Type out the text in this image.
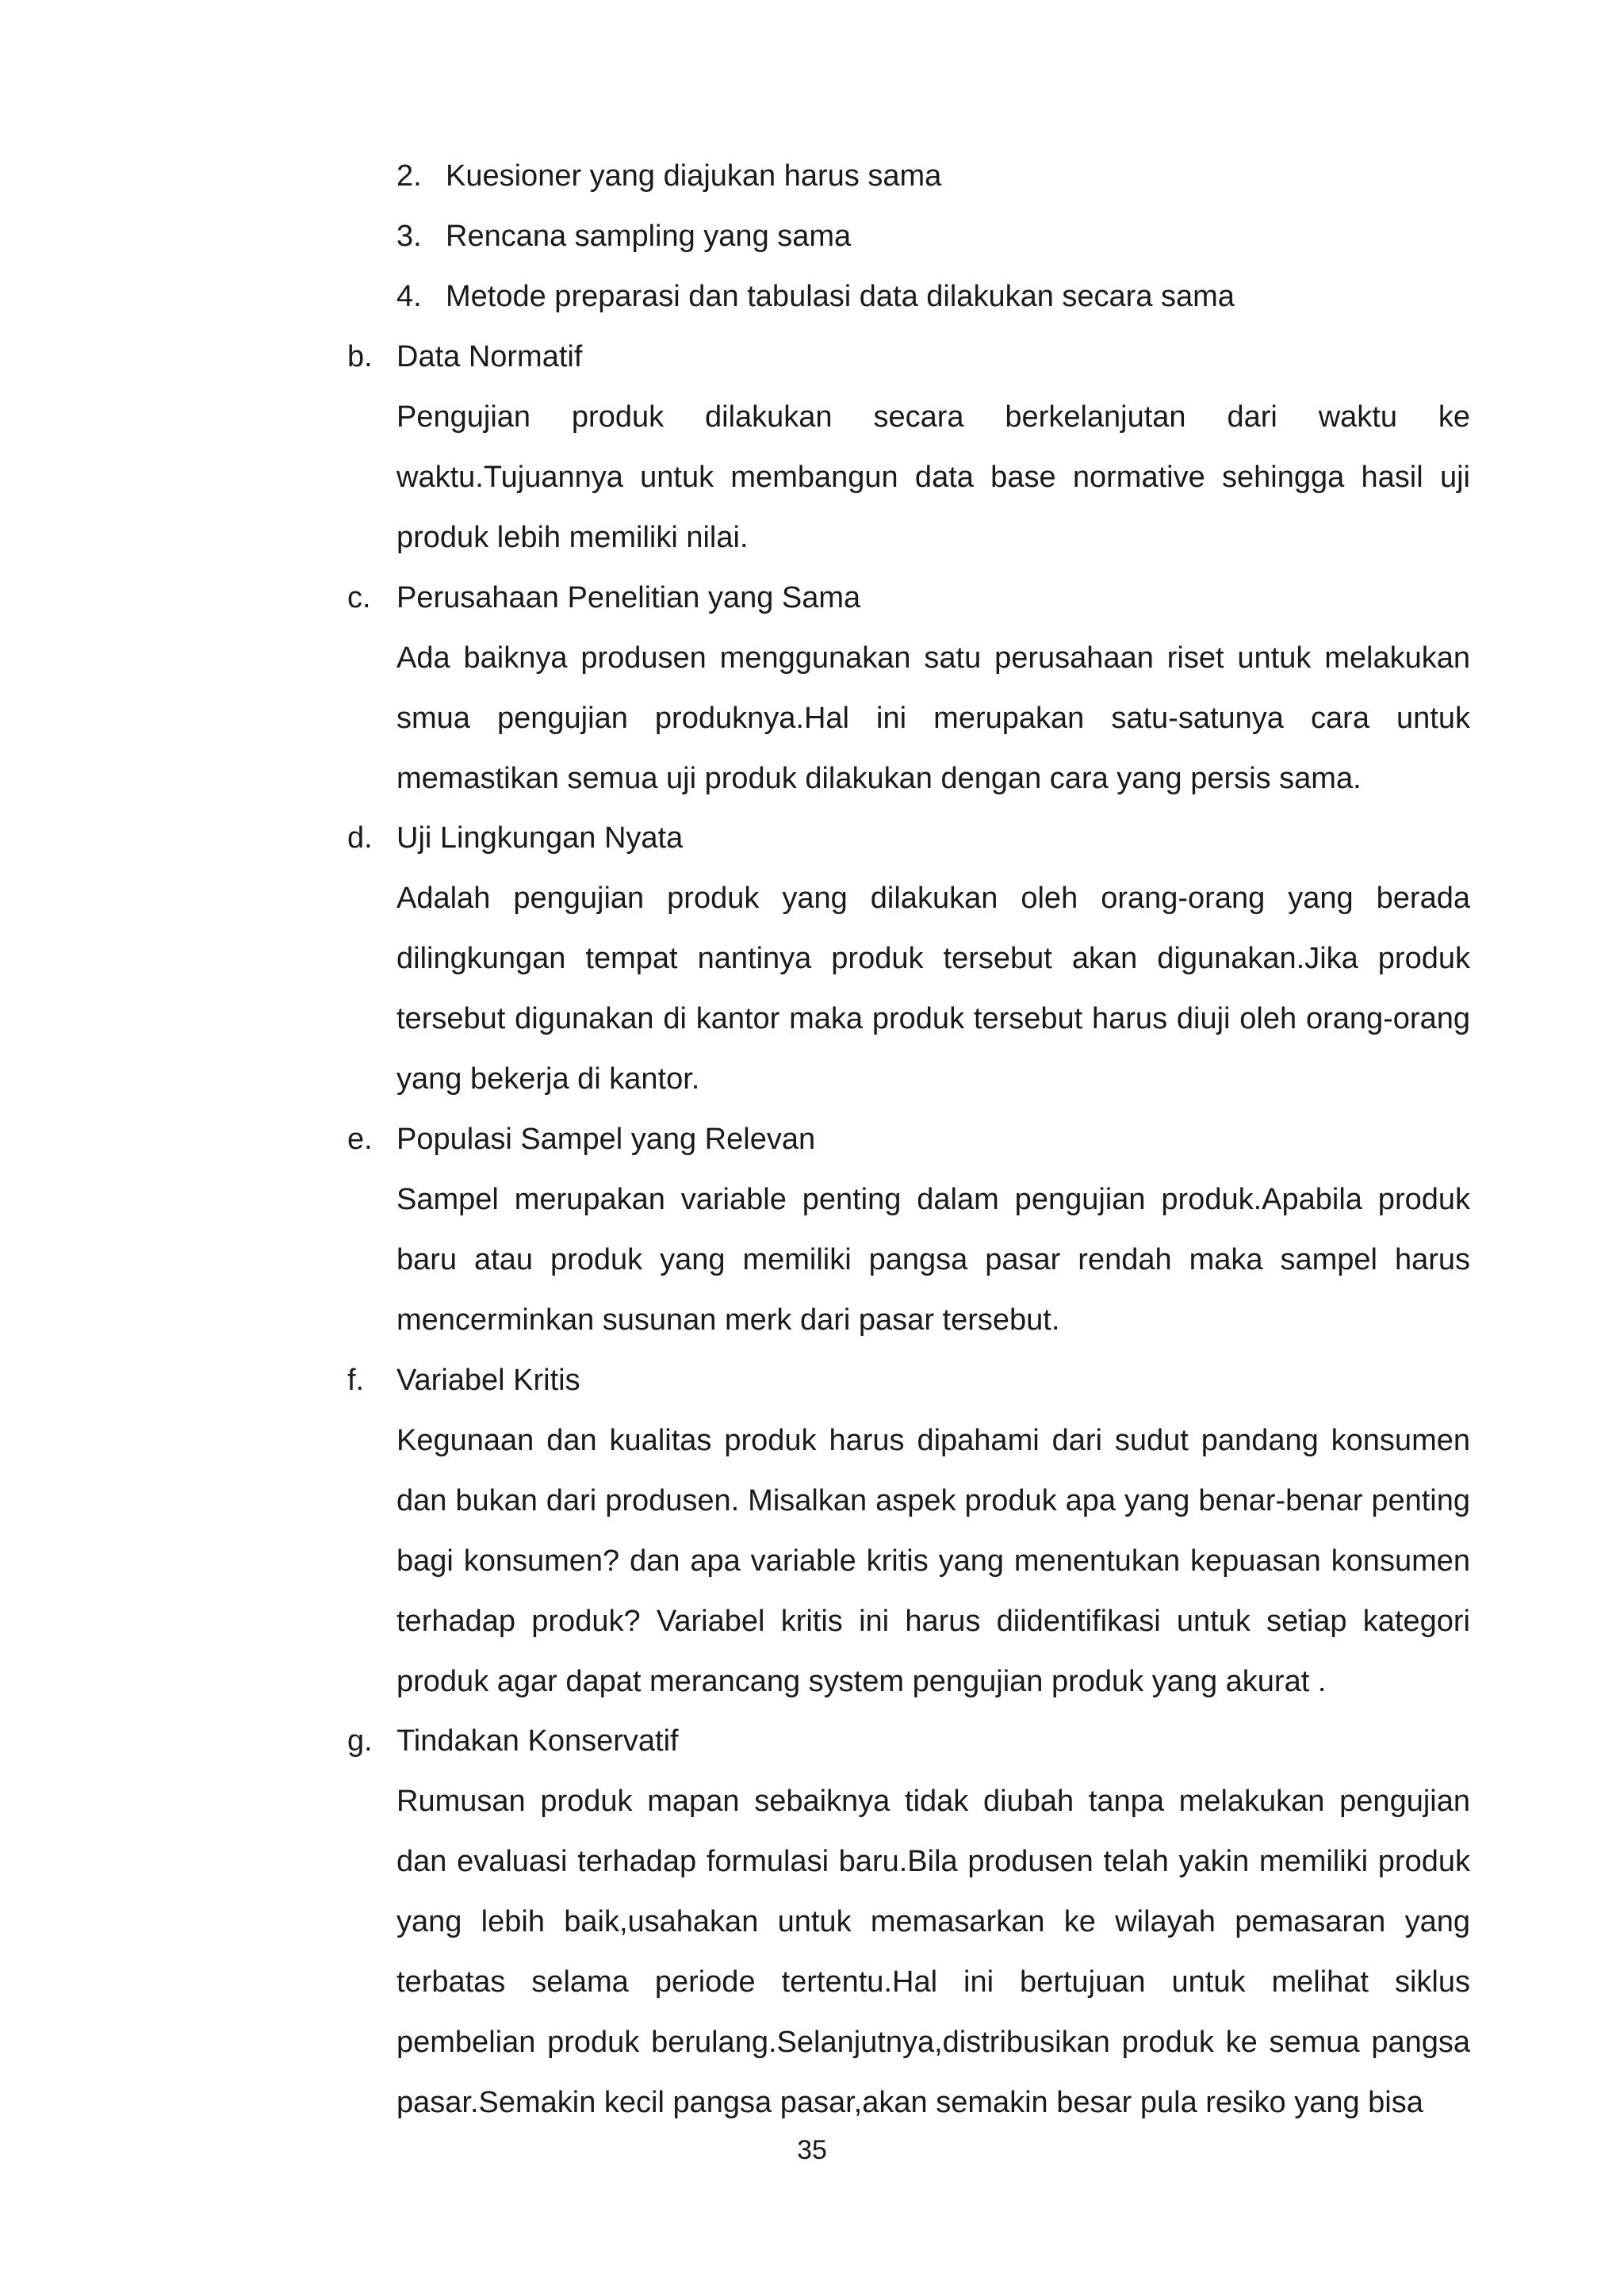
2. Kuesioner yang diajukan harus sama
3. Rencana sampling yang sama
4. Metode preparasi dan tabulasi data dilakukan secara sama
b. Data Normatif
Pengujian produk dilakukan secara berkelanjutan dari waktu ke waktu.Tujuannya untuk membangun data base normative sehingga hasil uji produk lebih memiliki nilai.
c. Perusahaan Penelitian yang Sama
Ada baiknya produsen menggunakan satu perusahaan riset untuk melakukan smua pengujian produknya.Hal ini merupakan satu-satunya cara untuk memastikan semua uji produk dilakukan dengan cara yang persis sama.
d. Uji Lingkungan Nyata
Adalah pengujian produk yang dilakukan oleh orang-orang yang berada dilingkungan tempat nantinya produk tersebut akan digunakan.Jika produk tersebut digunakan di kantor maka produk tersebut harus diuji oleh orang-orang yang bekerja di kantor.
e. Populasi Sampel yang Relevan
Sampel merupakan variable penting dalam pengujian produk.Apabila produk baru atau produk yang memiliki pangsa pasar rendah maka sampel harus mencerminkan susunan merk dari pasar tersebut.
f. Variabel Kritis
Kegunaan dan kualitas produk harus dipahami dari sudut pandang konsumen dan bukan dari produsen. Misalkan aspek produk apa yang benar-benar penting bagi konsumen? dan apa variable kritis yang menentukan kepuasan konsumen terhadap produk? Variabel kritis ini harus diidentifikasi untuk setiap kategori produk agar dapat merancang system pengujian produk yang akurat .
g. Tindakan Konservatif
Rumusan produk mapan sebaiknya tidak diubah tanpa melakukan pengujian dan evaluasi terhadap formulasi baru.Bila produsen telah yakin memiliki produk yang lebih baik,usahakan untuk memasarkan ke wilayah pemasaran yang terbatas selama periode tertentu.Hal ini bertujuan untuk melihat siklus pembelian produk berulang.Selanjutnya,distribusikan produk ke semua pangsa pasar.Semakin kecil pangsa pasar,akan semakin besar pula resiko yang bisa
35
